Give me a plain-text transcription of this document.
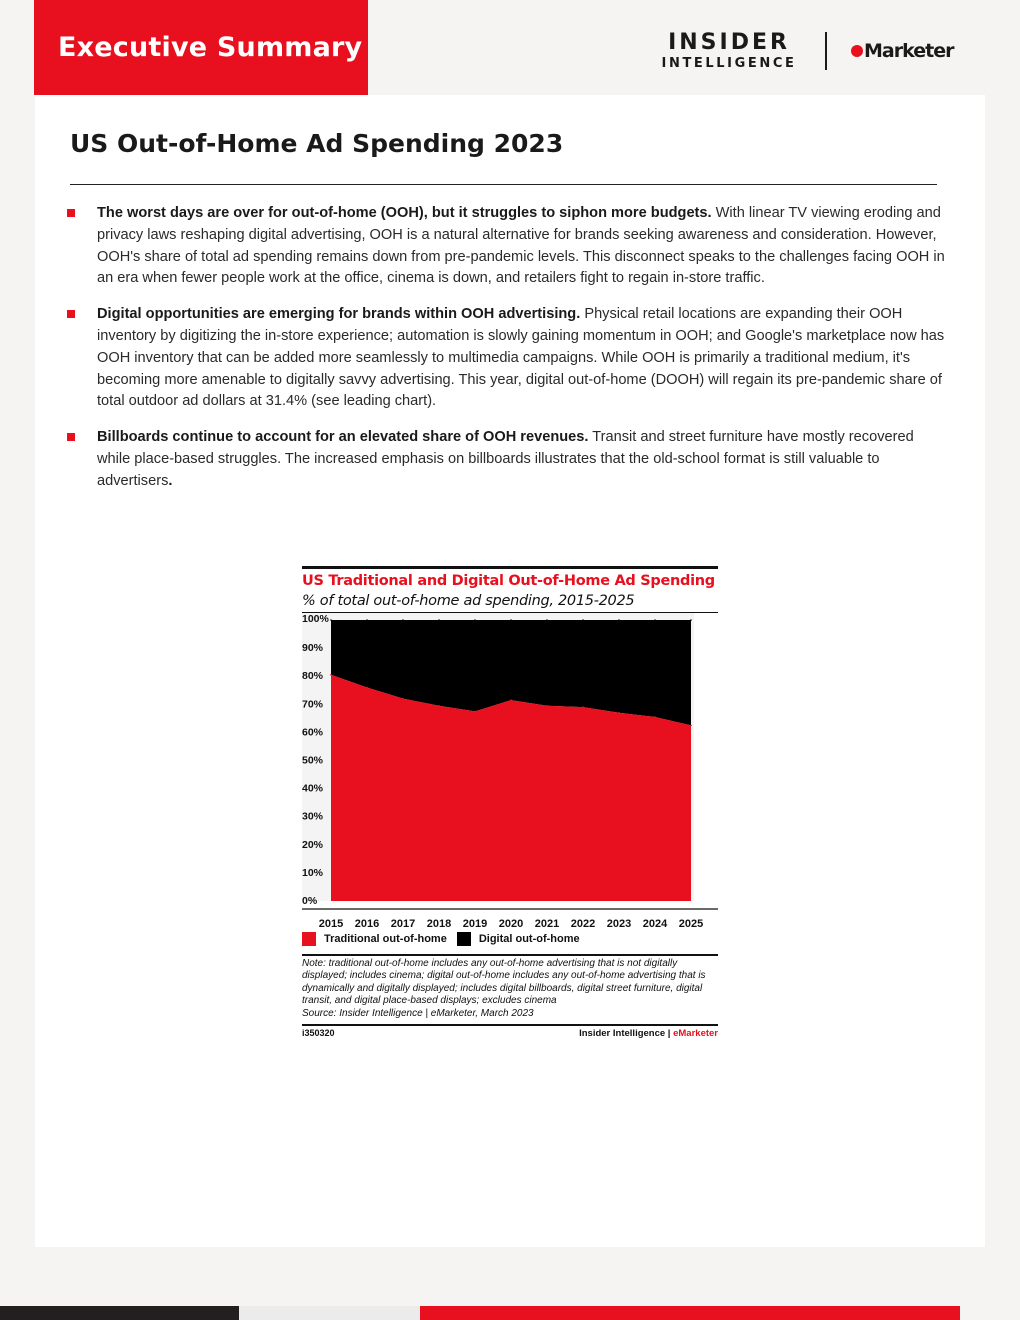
Executive Summary	INSIDER
INTELLIGENCE
Marketer
US Out-of-Home Ad Spending 2023
The worst days are over for out-of-home (OOH), but it struggles to siphon more budgets. With linear TV viewing eroding and privacy laws reshaping digital advertising, OOH is a natural alternative for brands seeking awareness and consideration. However, OOH's share of total ad spending remains down from pre-pandemic levels. This disconnect speaks to the challenges facing OOH in an era when fewer people work at the office, cinema is down, and retailers fight to regain in-store traffic.
Digital opportunities are emerging for brands within OOH advertising. Physical retail locations are expanding their OOH inventory by digitizing the in-store experience; automation is slowly gaining momentum in OOH; and Google's marketplace now has OOH inventory that can be added more seamlessly to multimedia campaigns. While OOH is primarily a traditional medium, it's becoming more amenable to digitally savvy advertising. This year, digital out-of-home (DOOH) will regain its pre-pandemic share of total outdoor ad dollars at 31.4% (see leading chart).
Billboards continue to account for an elevated share of OOH revenues. Transit and street furniture have mostly recovered while place-based struggles. The increased emphasis on billboards illustrates that the old-school format is still valuable to advertisers.
US Traditional and Digital Out-of-Home Ad Spending
% of total out-of-home ad spending, 2015-2025
100%
90%
80%
70%
60%
50%
40%
30%
20%
10%
0%
2015 2016 2017 2018 2019 2020 2021 2022 2023 2024 2025
Traditional out-of-home	Digital out-of-home
Note: traditional out-of-home includes any out-of-home advertising that is not digitally displayed; includes cinema; digital out-of-home includes any out-of-home advertising that is dynamically and digitally displayed; includes digital billboards, digital street furniture, digital transit, and digital place-based displays; excludes cinema
Source: Insider Intelligence | eMarketer, March 2023
i350320	Insider Intelligence | eMarketer
